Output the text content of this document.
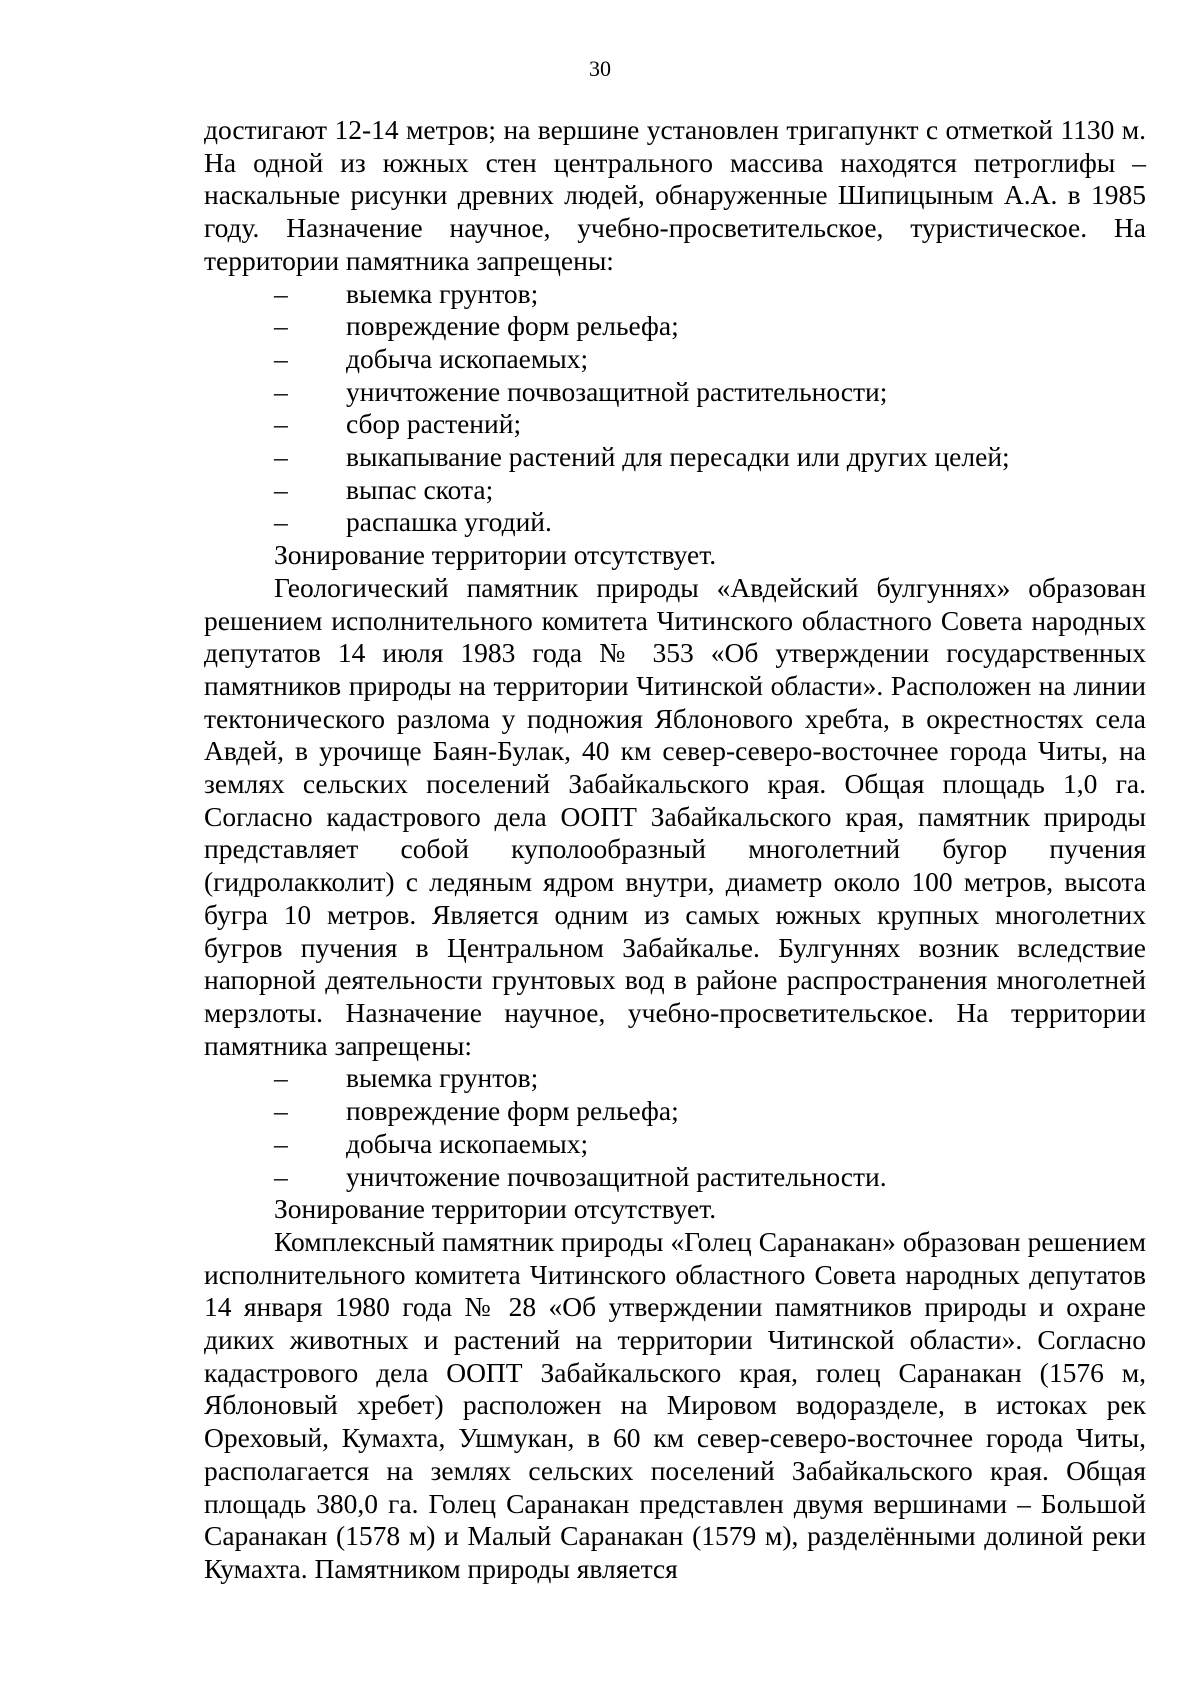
30

достигают 12-14 метров; на вершине установлен тригапункт с отметкой 1130 м. На одной из южных стен центрального массива находятся петроглифы – наскальные рисунки древних людей, обнаруженные Шипицыным А.А. в 1985 году. Назначение научное, учебно-просветительское, туристическое. На территории памятника запрещены:

– выемка грунтов;
– повреждение форм рельефа;
– добыча ископаемых;
– уничтожение почвозащитной растительности;
– сбор растений;
– выкапывание растений для пересадки или других целей;
– выпас скота;
– распашка угодий.

Зонирование территории отсутствует.

Геологический памятник природы «Авдейский булгуннях» образован решением исполнительного комитета Читинского областного Совета народных депутатов 14 июля 1983 года № 353 «Об утверждении государственных памятников природы на территории Читинской области». Расположен на линии тектонического разлома у подножия Яблонового хребта, в окрестностях села Авдей, в урочище Баян-Булак, 40 км север-северо-восточнее города Читы, на землях сельских поселений Забайкальского края. Общая площадь 1,0 га. Согласно кадастрового дела ООПТ Забайкальского края, памятник природы представляет собой куполообразный многолетний бугор пучения (гидролакколит) с ледяным ядром внутри, диаметр около 100 метров, высота бугра 10 метров. Является одним из самых южных крупных многолетних бугров пучения в Центральном Забайкалье. Булгуннях возник вследствие напорной деятельности грунтовых вод в районе распространения многолетней мерзлоты. Назначение научное, учебно-просветительское. На территории памятника запрещены:

– выемка грунтов;
– повреждение форм рельефа;
– добыча ископаемых;
– уничтожение почвозащитной растительности.

Зонирование территории отсутствует.

Комплексный памятник природы «Голец Саранакан» образован решением исполнительного комитета Читинского областного Совета народных депутатов 14 января 1980 года № 28 «Об утверждении памятников природы и охране диких животных и растений на территории Читинской области». Согласно кадастрового дела ООПТ Забайкальского края, голец Саранакан (1576 м, Яблоновый хребет) расположен на Мировом водоразделе, в истоках рек Ореховый, Кумахта, Ушмукан, в 60 км север-северо-восточнее города Читы, располагается на землях сельских поселений Забайкальского края. Общая площадь 380,0 га. Голец Саранакан представлен двумя вершинами – Большой Саранакан (1578 м) и Малый Саранакан (1579 м), разделёнными долиной реки Кумахта. Памятником природы является
